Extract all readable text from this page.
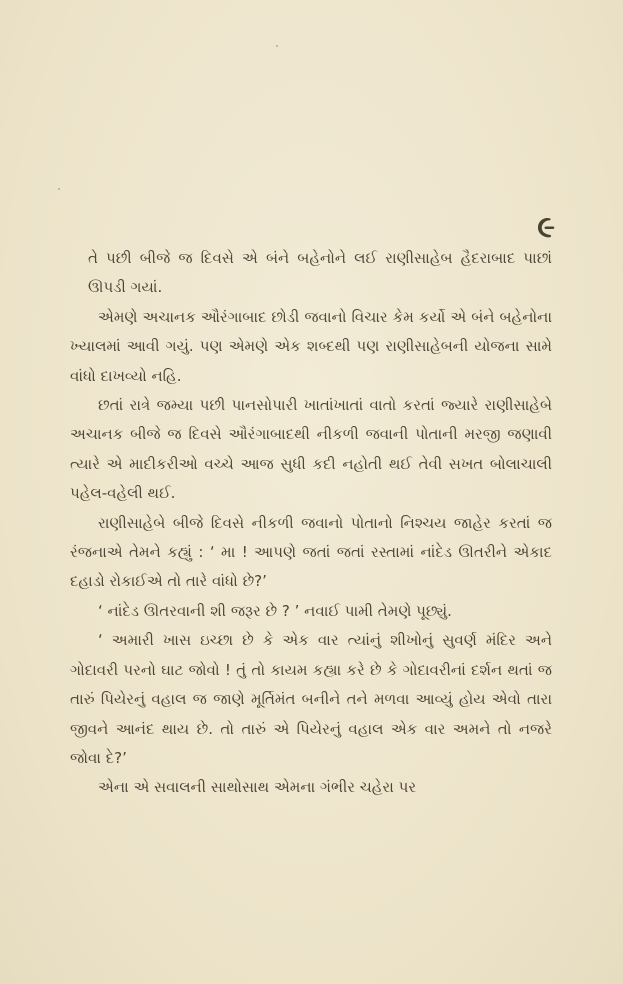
૯

તે પછી બીજે જ દિવસે એ બંને બહેનોને લઈ રાણીસાહેબ હૈદરાબાદ પાછાં ઊપડી ગયાં.

એમણે અચાનક ઔરંગાબાદ છોડી જવાનો વિચાર કેમ કર્યો એ બંને બહેનોના ખ્યાલમાં આવી ગયું. પણ એમણે એક શબ્દથી પણ રાણીસાહેબની યોજના સામે વાંધો દાખવ્યો નહિ.

છતાં રાત્રે જમ્યા પછી પાનસોપારી ખાતાંખાતાં વાતો કરતાં જ્યારે રાણીસાહેબે અચાનક બીજે જ દિવસે ઔરંગાબાદથી નીકળી જવાની પોતાની મરજી જણાવી ત્યારે એ માદીકરીઓ વચ્ચે આજ સુધી કદી નહોતી થઈ તેવી સખત બોલાચાલી પહેલ-વહેલી થઈ.

રાણીસાહેબે બીજે દિવસે નીકળી જવાનો પોતાનો નિશ્ચય જાહેર કરતાં જ રંજનાએ તેમને કહ્યું : ‘ મા ! આપણે જતાં જતાં રસ્તામાં નાંદેડ ઊતરીને એકાદ દહાડો રોકાઈએ તો તારે વાંધો છે?’

‘ નાંદેડ ઊતરવાની શી જરૂર છે ? ’ નવાઈ પામી તેમણે પૂછ્યું.

‘ અમારી ખાસ ઇચ્છા છે કે એક વાર ત્યાંનું શીખોનું સુવર્ણ મંદિર અને ગોદાવરી પરનો ઘાટ જોવો ! તું તો કાયમ કહ્યા કરે છે કે ગોદાવરીનાં દર્શન થતાં જ તારું પિયેરનું વહાલ જ જાણે મૂર્તિમંત બનીને તને મળવા આવ્યું હોય એવો તારા જીવને આનંદ થાય છે. તો તારું એ પિયેરનું વહાલ એક વાર અમને તો નજરે જોવા દે?’

એના એ સવાલની સાથોસાથ એમના ગંભીર ચહેરા પર
